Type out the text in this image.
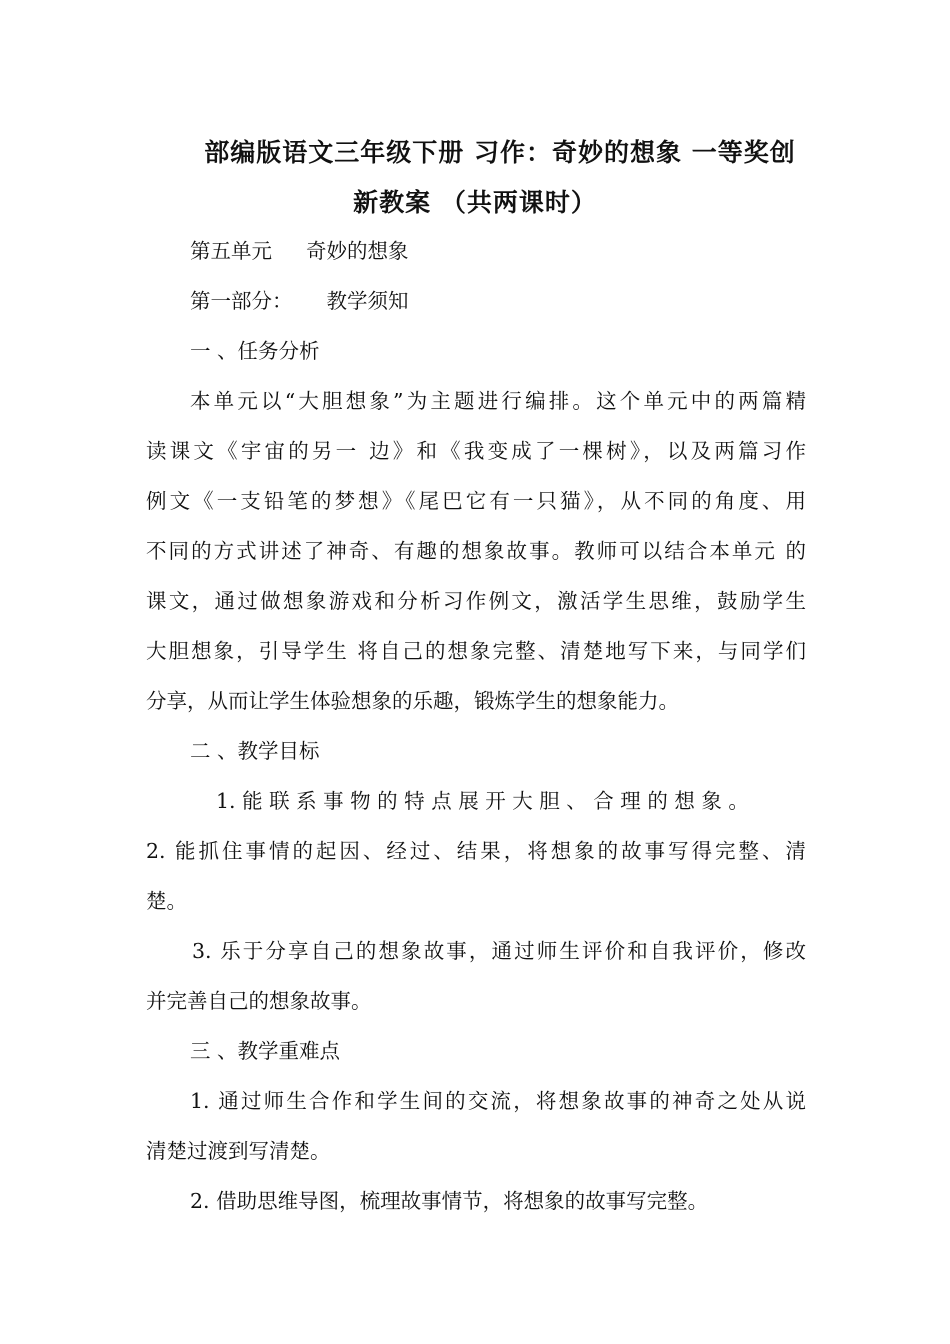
部编版语文三年级下册 习作：奇妙的想象 一等奖创
新教案 （共两课时）
第五单元 奇妙的想象
第一部分： 教学须知
一 、任务分析
本单元以“大胆想象”为主题进行编排。这个单元中的两篇精
读课文《宇宙的另一 边》和《我变成了一棵树》，以及两篇习作
例文《一支铅笔的梦想》《尾巴它有一只猫》，从不同的角度、用
不同的方式讲述了神奇、有趣的想象故事。教师可以结合本单元 的
课文，通过做想象游戏和分析习作例文，激活学生思维，鼓励学生
大胆想象，引导学生 将自己的想象完整、清楚地写下来，与同学们
分享，从而让学生体验想象的乐趣，锻炼学生的想象能力。
二 、教学目标
1. 能 联 系 事 物 的 特 点 展 开 大 胆 、 合 理 的 想 象 。
2. 能抓住事情的起因、经过、结果，将想象的故事写得完整、清
楚。
3. 乐于分享自己的想象故事，通过师生评价和自我评价，修改
并完善自己的想象故事。
三 、教学重难点
1. 通过师生合作和学生间的交流，将想象故事的神奇之处从说
清楚过渡到写清楚。
2. 借助思维导图，梳理故事情节，将想象的故事写完整。
